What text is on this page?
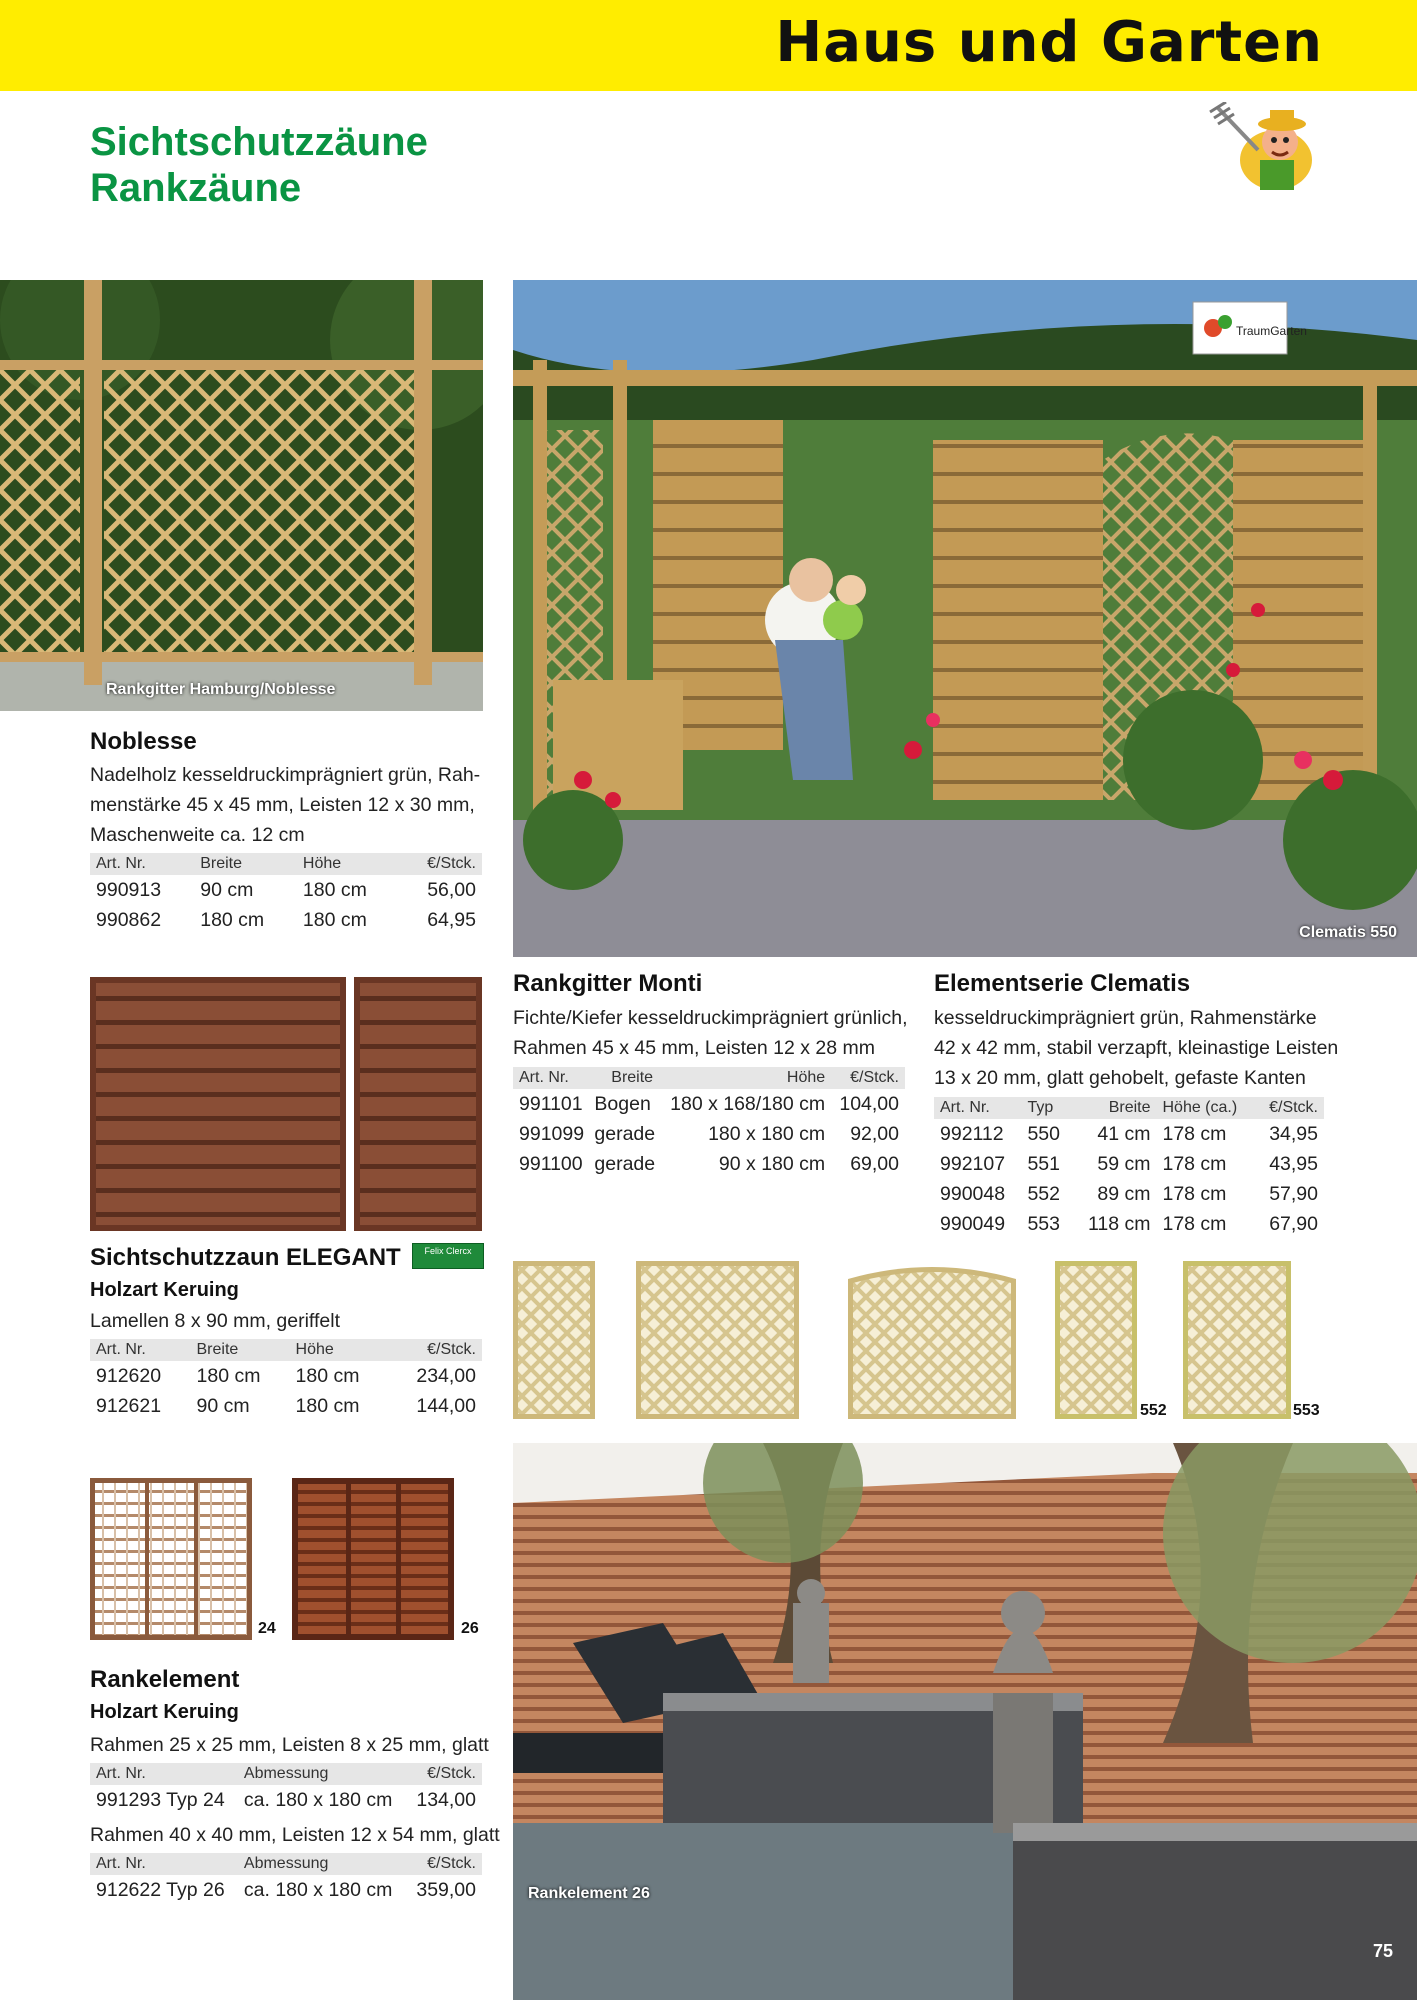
Haus und Garten
Sichtschutzzäune
Rankzäune
Rankgitter Hamburg/Noblesse
TraumGarten
Clematis 550
Noblesse
Nadelholz kesseldruckimprägniert grün, Rah-
menstärke 45 x 45 mm, Leisten 12 x 30 mm,
Maschenweite ca. 12 cm
Art. Nr.	Breite	Höhe	€/Stck.
990913	90 cm	180 cm	56,00
990862	180 cm	180 cm	64,95
Sichtschutzzaun ELEGANT	Felix Clercx
Holzart Keruing
Lamellen 8 x 90 mm, geriffelt
Art. Nr.	Breite	Höhe	€/Stck.
912620	180 cm	180 cm	234,00
912621	90 cm	180 cm	144,00
24	26
Rankelement
Holzart Keruing
Rahmen 25 x 25 mm, Leisten 8 x 25 mm, glatt
Art. Nr.	Abmessung	€/Stck.
991293 Typ 24	ca. 180 x 180 cm	134,00
Rahmen 40 x 40 mm, Leisten 12 x 54 mm, glatt
Art. Nr.	Abmessung	€/Stck.
912622 Typ 26	ca. 180 x 180 cm	359,00
Rankgitter Monti
Fichte/Kiefer kesseldruckimprägniert grünlich,
Rahmen 45 x 45 mm, Leisten 12 x 28 mm
Art. Nr.	Breite	Höhe	€/Stck.
991101	Bogen	180 x 168/180 cm	104,00
991099	gerade	180 x 180 cm	92,00
991100	gerade	90 x 180 cm	69,00
Elementserie Clematis
kesseldruckimprägniert grün, Rahmenstärke
42 x 42 mm, stabil verzapft, kleinastige Leisten
13 x 20 mm, glatt gehobelt, gefaste Kanten
Art. Nr.	Typ	Breite	Höhe (ca.)	€/Stck.
992112	550	41 cm	178 cm	34,95
992107	551	59 cm	178 cm	43,95
990048	552	89 cm	178 cm	57,90
990049	553	118 cm	178 cm	67,90
552	553
Rankelement 26
75
